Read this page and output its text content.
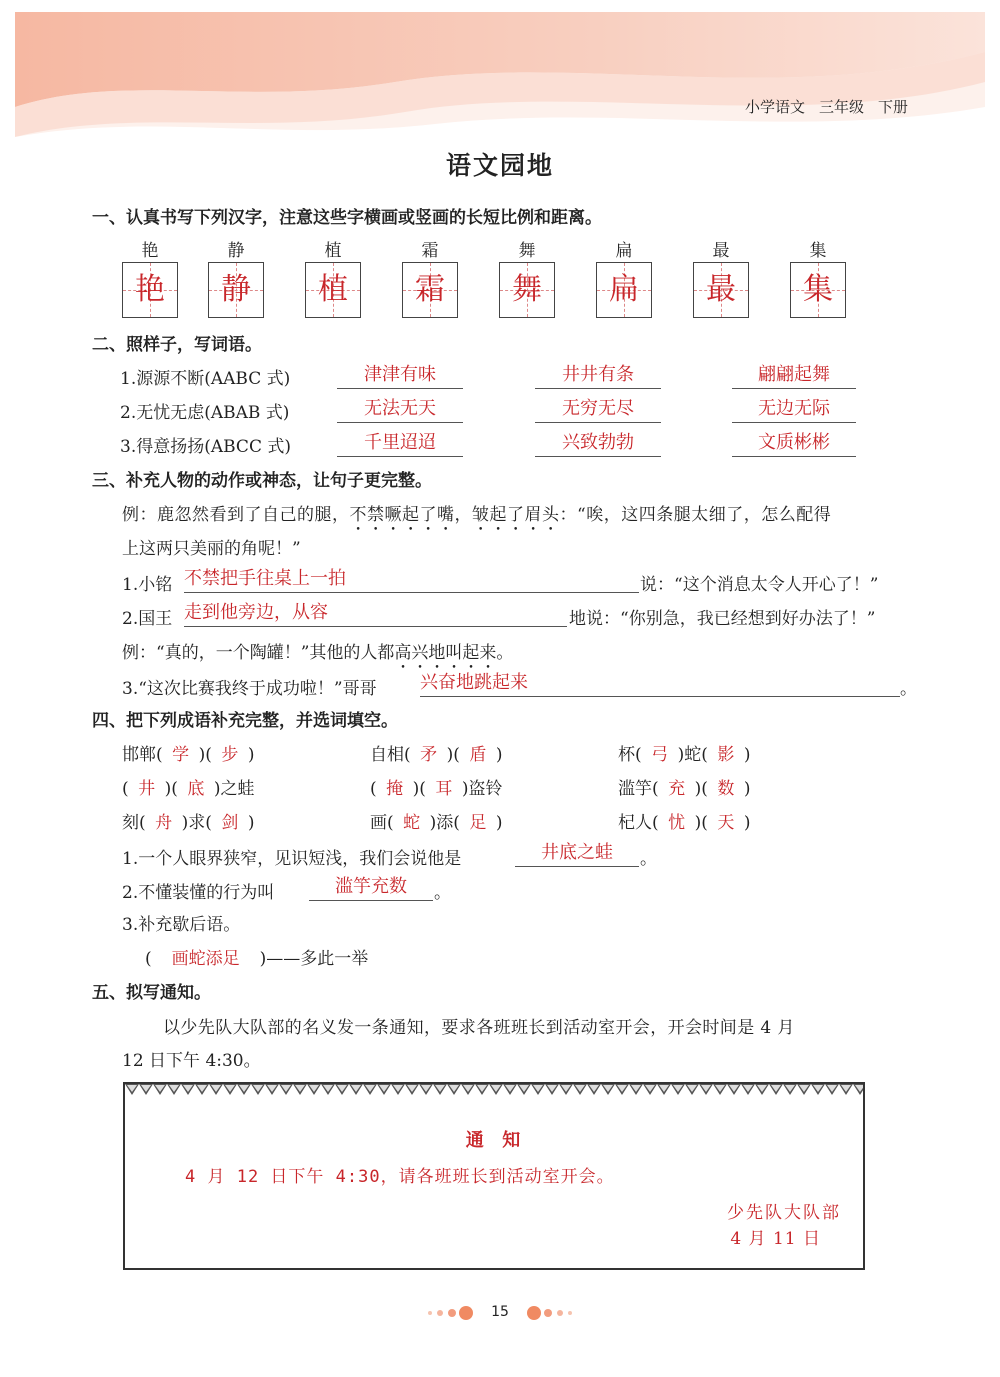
小学语文 三年级 下册
语文园地
一、认真书写下列汉字，注意这些字横画或竖画的长短比例和距离。
艳	静	植	霜	舞	扁	最	集
艳	静	植	霜	舞	扁	最	集
二、照样子，写词语。
1.源源不断(AABC 式)	津津有味	井井有条	翩翩起舞
2.无忧无虑(ABAB 式)	无法无天	无穷无尽	无边无际
3.得意扬扬(ABCC 式)	千里迢迢	兴致勃勃	文质彬彬
三、补充人物的动作或神态，让句子更完整。
例：鹿忽然看到了自己的腿，不禁噘起了嘴，皱起了眉头：“唉，这四条腿太细了，怎么配得
上这两只美丽的角呢！”
1.小铭 不禁把手往桌上一拍	说：“这个消息太令人开心了！”
2.国王 走到他旁边，从容	地说：“你别急，我已经想到好办法了！”
例：“真的，一个陶罐！”其他的人都高兴地叫起来。
3.“这次比赛我终于成功啦！”哥哥 兴奋地跳起来	。
四、把下列成语补充完整，并选词填空。
邯郸( 学 )( 步 )	自相( 矛 )( 盾 )	杯( 弓 )蛇( 影 )
( 井 )( 底 )之蛙	( 掩 )( 耳 )盗铃	滥竽( 充 )( 数 )
刻( 舟 )求( 剑 )	画( 蛇 )添( 足 )	杞人( 忧 )( 天 )
1.一个人眼界狭窄，见识短浅，我们会说他是	井底之蛙	。
2.不懂装懂的行为叫	滥竽充数	。
3.补充歇后语。
( 画蛇添足 )——多此一举
五、拟写通知。
以少先队大队部的名义发一条通知，要求各班班长到活动室开会，开会时间是 4 月
12 日下午 4:30。
通  知
4 月 12 日下午 4:30，请各班班长到活动室开会。
少先队大队部
4 月 11 日
15
